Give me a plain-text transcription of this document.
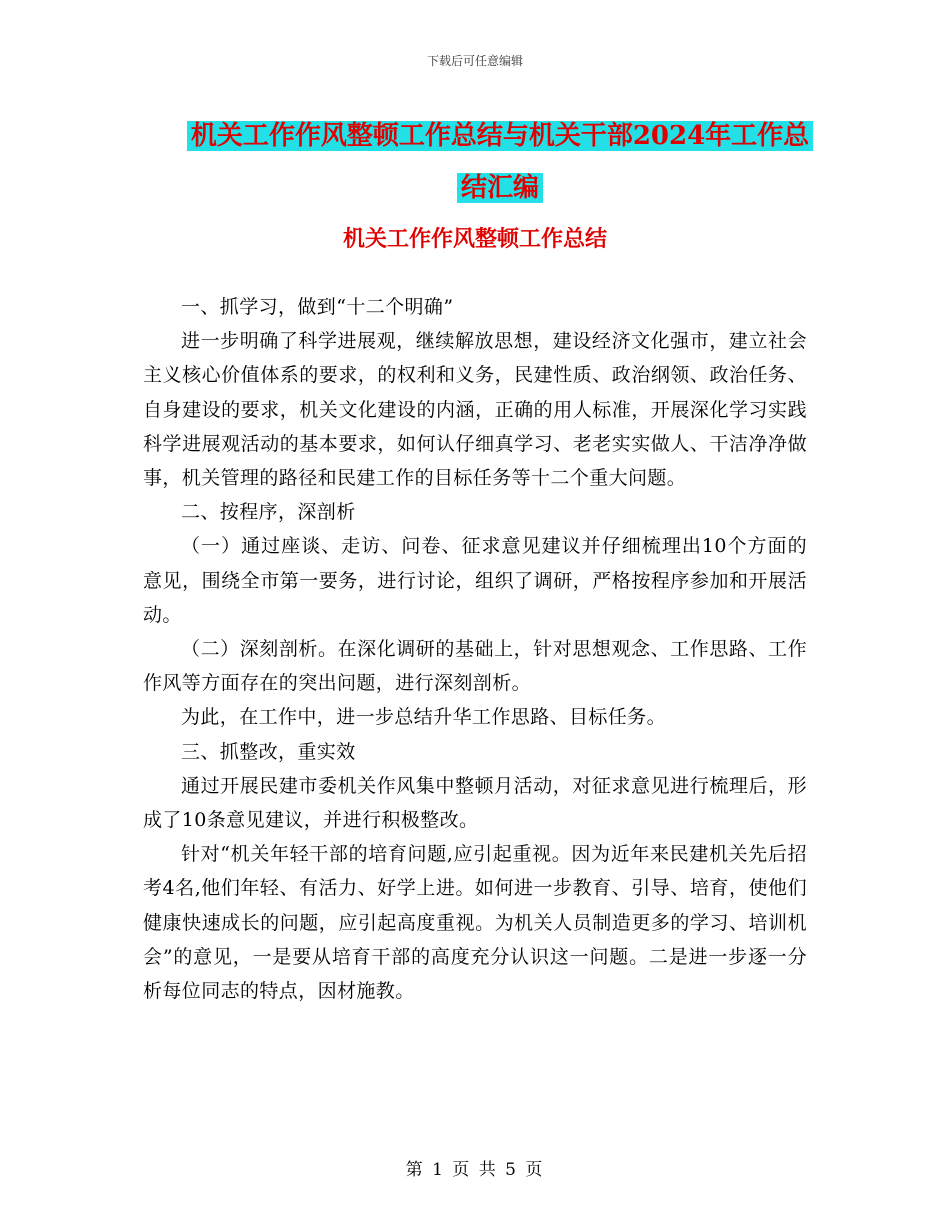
下载后可任意编辑
机关工作作风整顿工作总结与机关干部2024年工作总
结汇编
机关工作作风整顿工作总结

一、抓学习，做到“十二个明确”

进一步明确了科学进展观，继续解放思想，建设经济文化强市，建立社会主义核心价值体系的要求，的权利和义务，民建性质、政治纲领、政治任务、自身建设的要求，机关文化建设的内涵，正确的用人标准，开展深化学习实践科学进展观活动的基本要求，如何认仔细真学习、老老实实做人、干洁净净做事，机关管理的路径和民建工作的目标任务等十二个重大问题。

二、按程序，深剖析

（一）通过座谈、走访、问卷、征求意见建议并仔细梳理出10个方面的意见，围绕全市第一要务，进行讨论，组织了调研，严格按程序参加和开展活动。

（二）深刻剖析。在深化调研的基础上，针对思想观念、工作思路、工作作风等方面存在的突出问题，进行深刻剖析。

为此，在工作中，进一步总结升华工作思路、目标任务。

三、抓整改，重实效

通过开展民建市委机关作风集中整顿月活动，对征求意见进行梳理后，形成了10条意见建议，并进行积极整改。

针对“机关年轻干部的培育问题,应引起重视。因为近年来民建机关先后招考4名,他们年轻、有活力、好学上进。如何进一步教育、引导、培育，使他们健康快速成长的问题，应引起高度重视。为机关人员制造更多的学习、培训机会”的意见，一是要从培育干部的高度充分认识这一问题。二是进一步逐一分析每位同志的特点，因材施教。

第 1 页 共 5 页
